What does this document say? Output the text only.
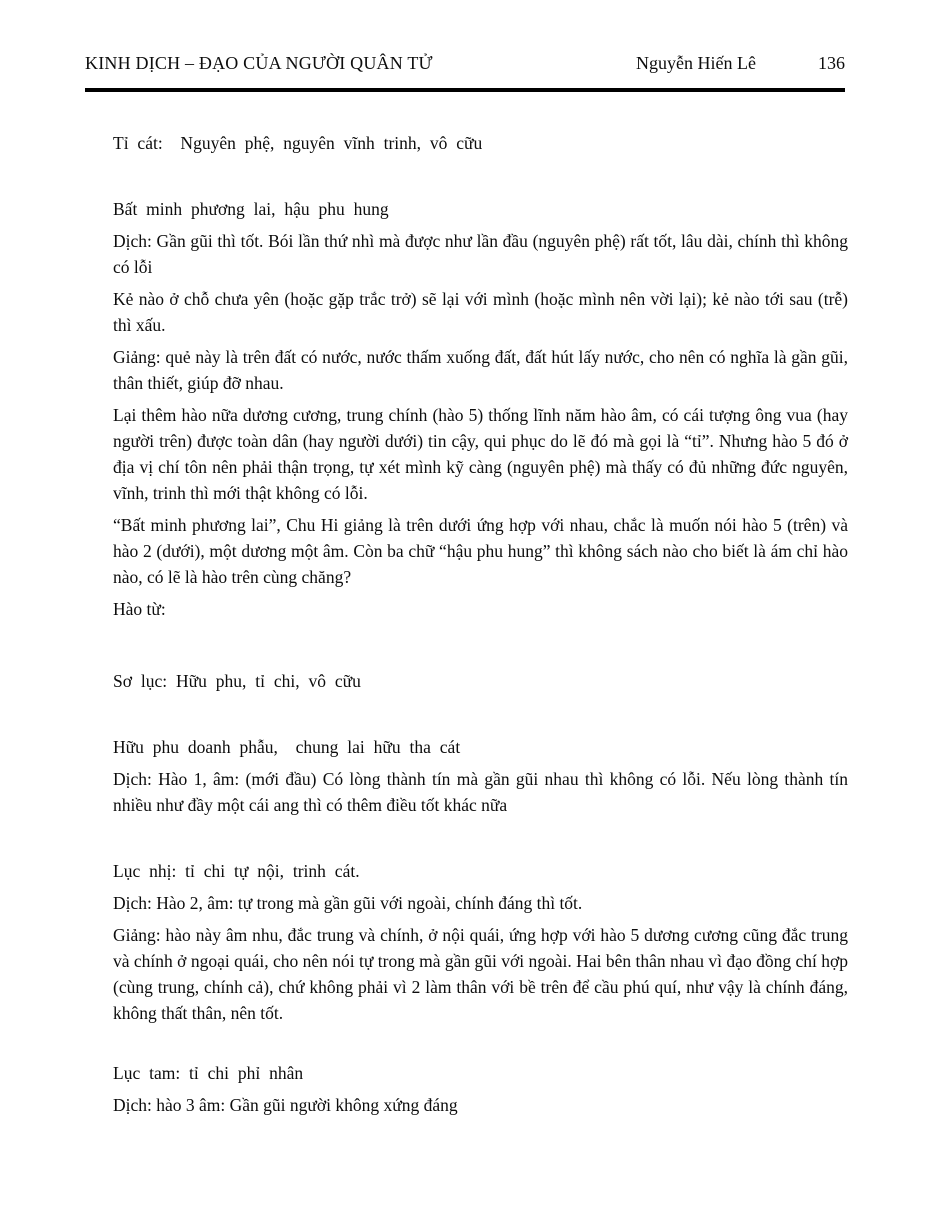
KINH DỊCH – ĐẠO CỦA NGƯỜI QUÂN TỬ	Nguyễn Hiến Lê	136

Tỉ cát:  Nguyên phệ, nguyên vĩnh trinh, vô cữu

Bất minh phương lai, hậu phu hung

Dịch: Gần gũi thì tốt. Bói lần thứ nhì mà được như lần đầu (nguyên phệ) rất tốt, lâu dài, chính thì không có lỗi

Kẻ nào ở chỗ chưa yên (hoặc gặp trắc trở) sẽ lại với mình (hoặc mình nên vời lại); kẻ nào tới sau (trễ) thì xấu.

Giảng: quẻ này là trên đất có nước, nước thấm xuống đất, đất hút lấy nước, cho nên có nghĩa là gần gũi, thân thiết, giúp đỡ nhau.

Lại thêm hào nữa dương cương, trung chính (hào 5) thống lĩnh năm hào âm, có cái tượng ông vua (hay người trên) được toàn dân (hay người dưới) tin cậy, qui phục do lẽ đó mà gọi là “tỉ”. Nhưng hào 5 đó ở địa vị chí tôn nên phải thận trọng, tự xét mình kỹ càng (nguyên phệ) mà thấy có đủ những đức nguyên, vĩnh, trinh thì mới thật không có lỗi.

“Bất minh phương lai”, Chu Hi giảng là trên dưới ứng hợp với nhau, chắc là muốn nói hào 5 (trên) và hào 2 (dưới), một dương một âm. Còn ba chữ “hậu phu hung” thì không sách nào cho biết là ám chỉ hào nào, có lẽ là hào trên cùng chăng?

Hào từ:

Sơ lục: Hữu phu, tỉ chi, vô cữu

Hữu phu doanh phẫu,  chung lai hữu tha cát

Dịch: Hào 1, âm: (mới đầu) Có lòng thành tín mà gần gũi nhau thì không có lỗi. Nếu lòng thành tín nhiều như đầy một cái ang thì có thêm điều tốt khác nữa

Lục nhị: tỉ chi tự nội, trinh cát.

Dịch: Hào 2, âm: tự trong mà gần gũi với ngoài, chính đáng thì tốt.

Giảng: hào này âm nhu, đắc trung và chính, ở nội quái, ứng hợp với hào 5 dương cương cũng đắc trung và chính ở ngoại quái, cho nên nói tự trong mà gần gũi với ngoài. Hai bên thân nhau vì đạo đồng chí hợp (cùng trung, chính cả), chứ không phải vì 2 làm thân với bề trên để cầu phú quí, như vậy là chính đáng, không thất thân, nên tốt.

Lục tam: tỉ chi phỉ nhân

Dịch: hào 3 âm: Gần gũi người không xứng đáng
